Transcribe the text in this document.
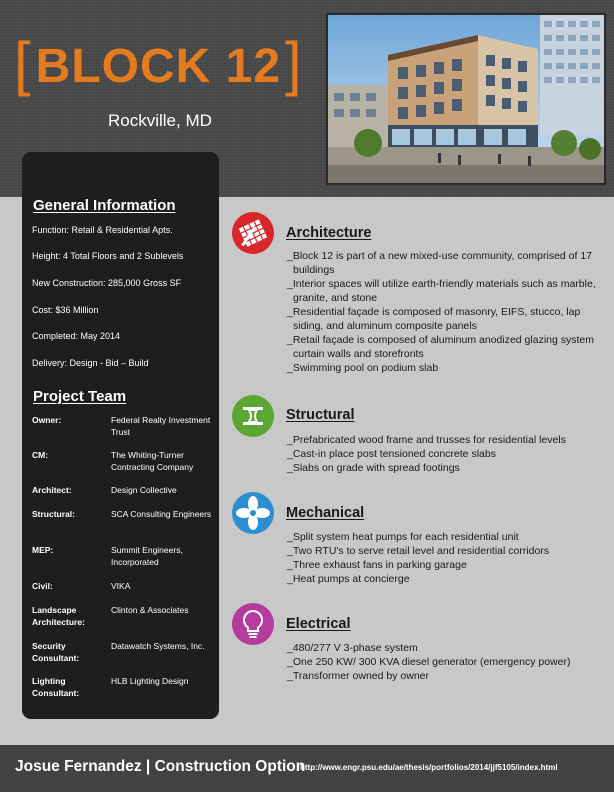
[BLOCK 12]
Rockville, MD
General Information
Function: Retail & Residential Apts.
Height: 4 Total Floors and 2 Sublevels
New Construction: 285,000 Gross SF
Cost: $36 Million
Completed: May 2014
Delivery: Design - Bid – Build
Project Team
Owner:	Federal Realty Investment Trust
CM:	The Whiting-Turner Contracting Company
Architect:	Design Collective
Structural:	SCA Consulting Engineers
MEP:	Summit Engineers, Incorporated
Civil:	VIKA
Landscape Architecture:
Clinton & Associates
Security Consultant:
Datawatch Systems, Inc.
Lighting Consultant:
HLB Lighting Design
Architecture
_Block 12 is part of a new mixed-use community, comprised of 17 buildings
_Interior spaces will utilize earth-friendly materials such as marble, granite, and stone
_Residential façade is composed of masonry, EIFS, stucco, lap siding, and aluminum composite panels
_Retail façade is composed of aluminum anodized glazing system curtain walls and storefronts
_Swimming pool on podium slab
Structural
_Prefabricated wood frame and trusses for residential levels
_Cast-in place post tensioned concrete slabs
_Slabs on grade with spread footings
Mechanical
_Split system heat pumps for each residential unit
_Two RTU's to serve retail level and residential corridors
_Three exhaust fans in parking garage
_Heat pumps at concierge
Electrical
_480/277 V 3-phase system
_One 250 KW/ 300 KVA diesel generator (emergency power)
_Transformer owned by owner
Josue Fernandez | Construction Option
http://www.engr.psu.edu/ae/thesis/portfolios/2014/jjf5105/index.html
